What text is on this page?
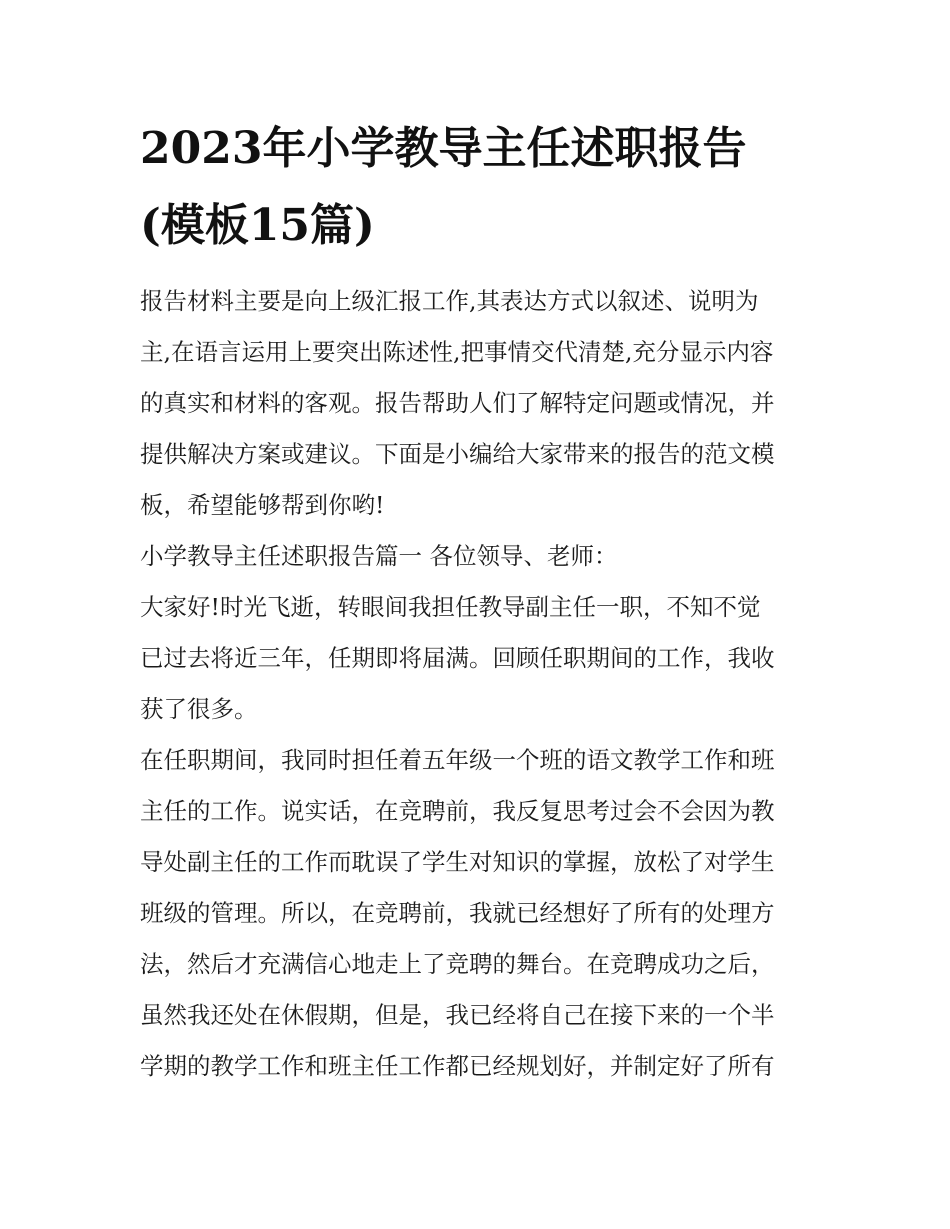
2023年小学教导主任述职报告
(模板15篇)
报告材料主要是向上级汇报工作,其表达方式以叙述、说明为
主,在语言运用上要突出陈述性,把事情交代清楚,充分显示内容
的真实和材料的客观。报告帮助人们了解特定问题或情况，并
提供解决方案或建议。下面是小编给大家带来的报告的范文模
板，希望能够帮到你哟!
小学教导主任述职报告篇一 各位领导、老师：
大家好!时光飞逝，转眼间我担任教导副主任一职，不知不觉
已过去将近三年，任期即将届满。回顾任职期间的工作，我收
获了很多。
在任职期间，我同时担任着五年级一个班的语文教学工作和班
主任的工作。说实话，在竞聘前，我反复思考过会不会因为教
导处副主任的工作而耽误了学生对知识的掌握，放松了对学生
班级的管理。所以，在竞聘前，我就已经想好了所有的处理方
法，然后才充满信心地走上了竞聘的舞台。在竞聘成功之后，
虽然我还处在休假期，但是，我已经将自己在接下来的一个半
学期的教学工作和班主任工作都已经规划好，并制定好了所有
